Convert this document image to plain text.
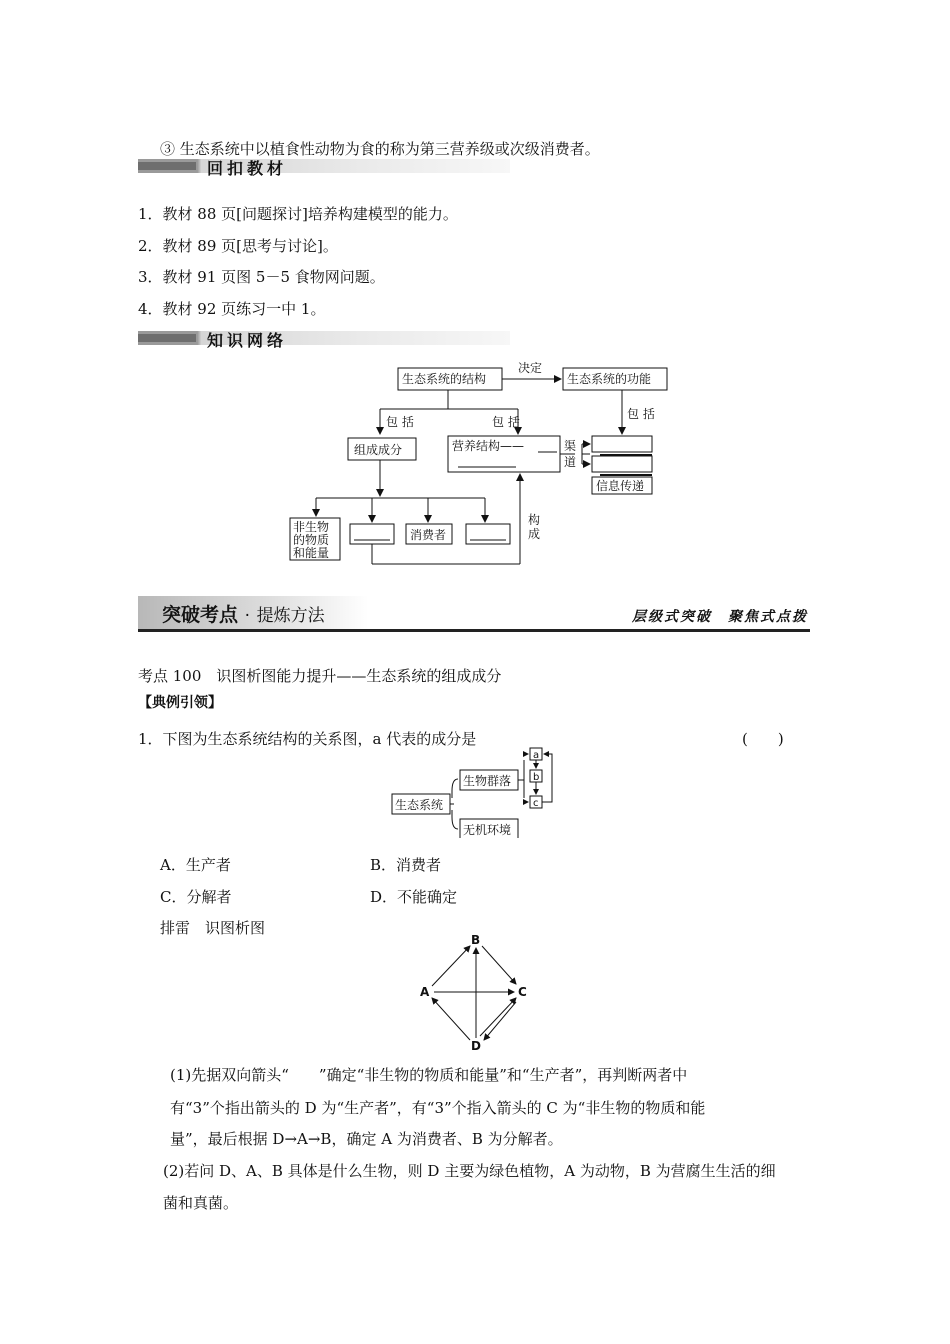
③ 生态系统中以植食性动物为食的称为第三营养级或次级消费者。
回扣教材
1．教材 88 页[问题探讨]培养构建模型的能力。
2．教材 89 页[思考与讨论]。
3．教材 91 页图 5－5 食物网问题。
4．教材 92 页练习一中 1。
知识网络
生态系统的结构	生态系统的功能
决定
包 括	包 括
包 括
组成成分	营养结构——	渠
道
信息传递
非生物
的物质
和能量
消费者
构
成
突破考点 · 提炼方法	层级式突破　聚焦式点拨
考点 100　识图析图能力提升——生态系统的组成成分
【典例引领】
1．下图为生态系统结构的关系图，a 代表的成分是	(　　)
生态系统
生物群落
无机环境
a
b
c
A．生产者	B．消费者
C．分解者	D．不能确定
排雷　识图析图
B
A	C
D
(1)先据双向箭头“　　”确定“非生物的物质和能量”和“生产者”，再判断两者中
有“3”个指出箭头的 D 为“生产者”，有“3”个指入箭头的 C 为“非生物的物质和能
量”，最后根据 D→A→B，确定 A 为消费者、B 为分解者。
(2)若问 D、A、B 具体是什么生物，则 D 主要为绿色植物，A 为动物，B 为营腐生生活的细
菌和真菌。
